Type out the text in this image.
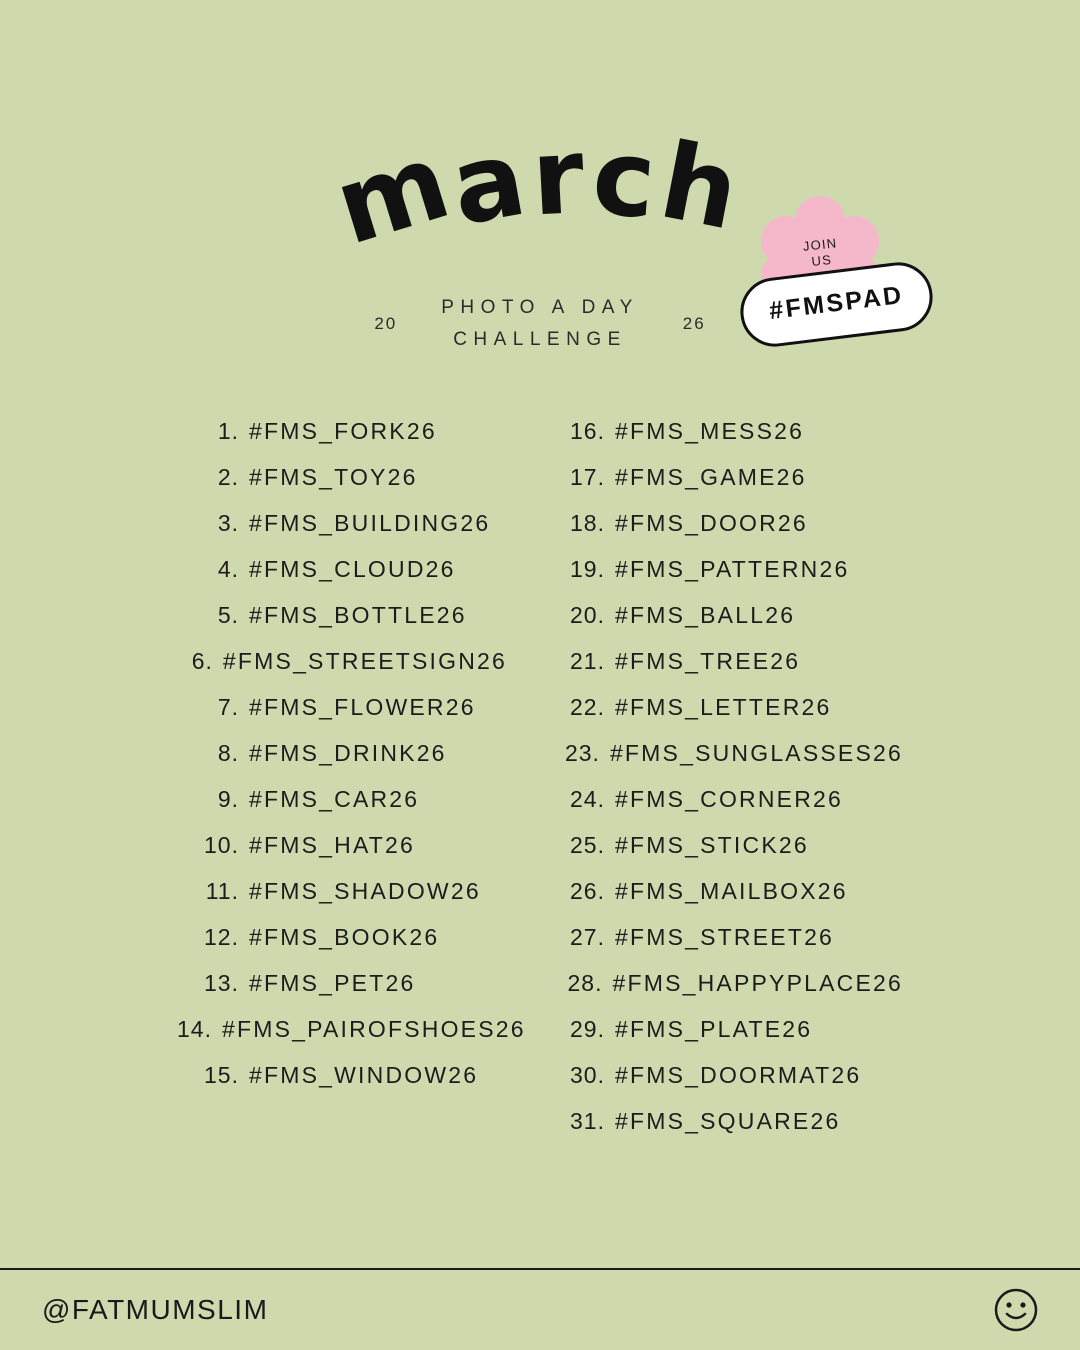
march
20
PHOTO A DAY
CHALLENGE
26
JOIN
US
#FMSPAD
1. #FMS_FORK26
2. #FMS_TOY26
3. #FMS_BUILDING26
4. #FMS_CLOUD26
5. #FMS_BOTTLE26
6. #FMS_STREETSIGN26
7. #FMS_FLOWER26
8. #FMS_DRINK26
9. #FMS_CAR26
10. #FMS_HAT26
11. #FMS_SHADOW26
12. #FMS_BOOK26
13. #FMS_PET26
14. #FMS_PAIROFSHOES26
15. #FMS_WINDOW26
16. #FMS_MESS26
17. #FMS_GAME26
18. #FMS_DOOR26
19. #FMS_PATTERN26
20. #FMS_BALL26
21. #FMS_TREE26
22. #FMS_LETTER26
23. #FMS_SUNGLASSES26
24. #FMS_CORNER26
25. #FMS_STICK26
26. #FMS_MAILBOX26
27. #FMS_STREET26
28. #FMS_HAPPYPLACE26
29. #FMS_PLATE26
30. #FMS_DOORMAT26
31. #FMS_SQUARE26
@FATMUMSLIM
